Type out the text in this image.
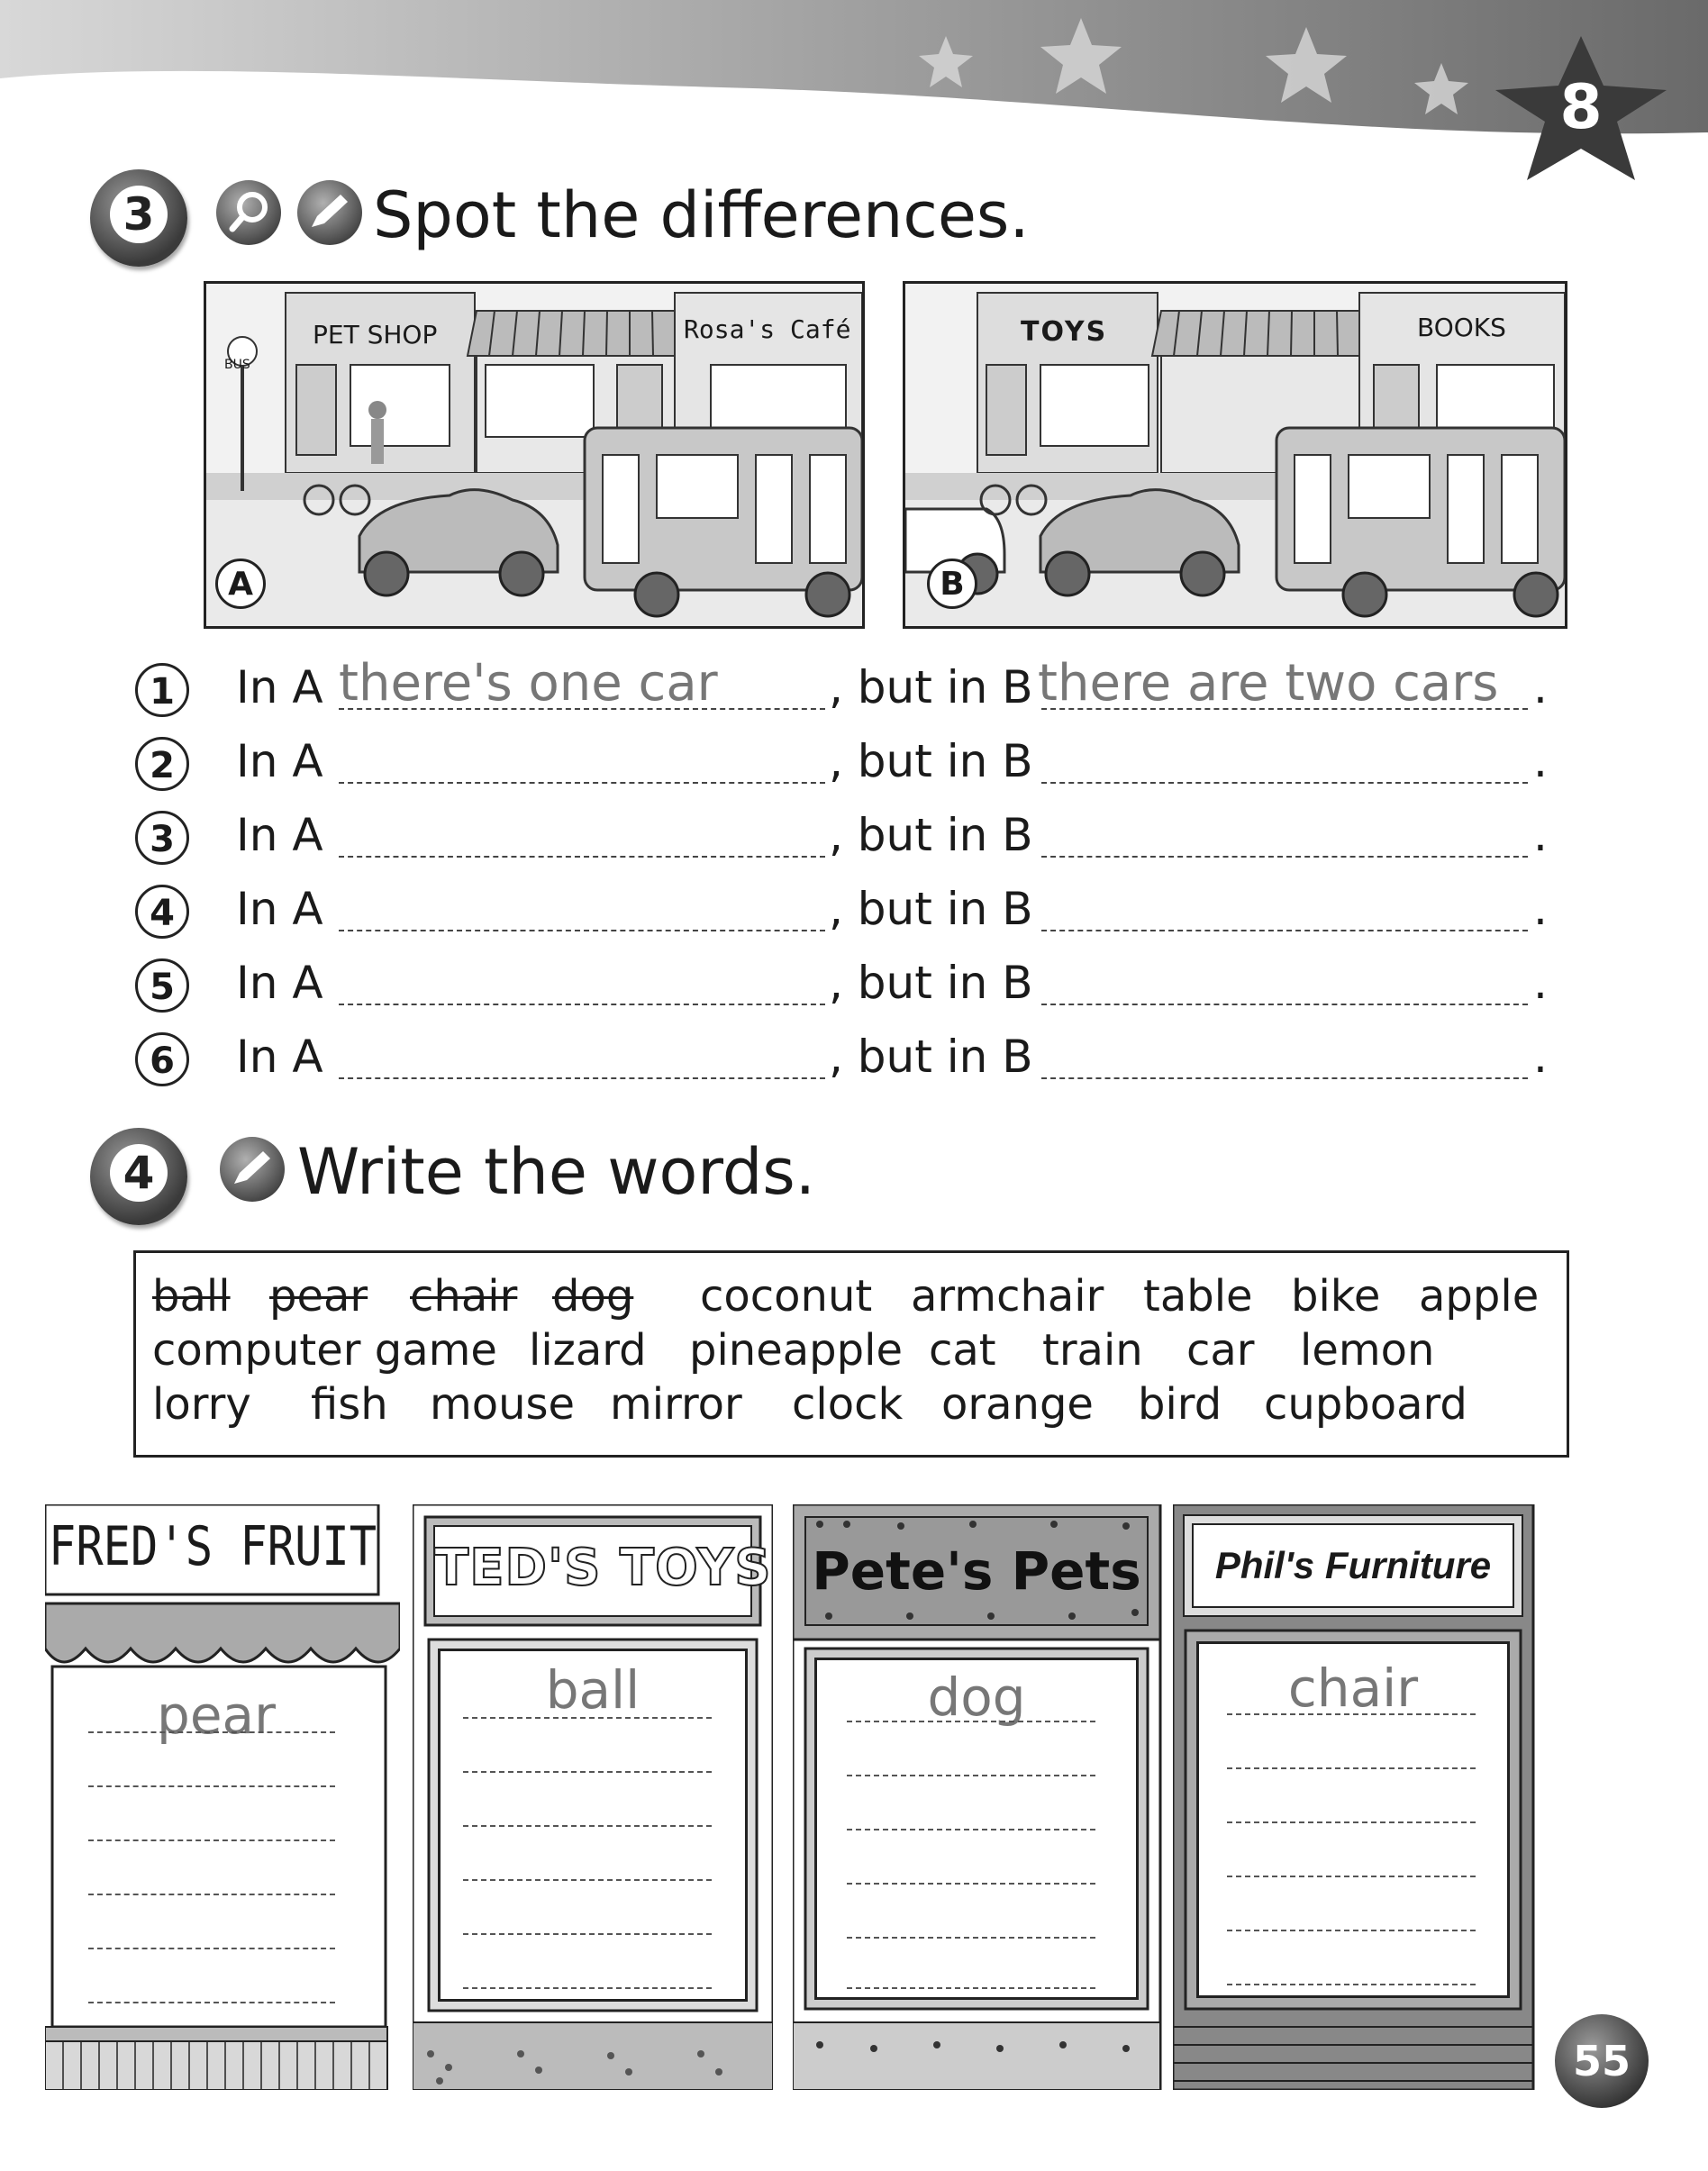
8
3	Spot the differences.
BUS
PET SHOP	Rosa's Café
A
TOYS	BOOKS
B
1	In A there's one car , but in B there are two cars .
2	In A	, but in B	.
3	In A	, but in B	.
4	In A	, but in B	.
5	In A	, but in B	.
6	In A	, but in B	.
4 Write the words.
ball pear chair dog coconut armchair table bike apple
computer game lizard pineapple cat train car lemon
lorry fish mouse mirror clock orange bird cupboard
FRED'S FRUIT
pear
TED'S TOYS
ball
Pete's Pets
dog
Phil's Furniture
chair
55
